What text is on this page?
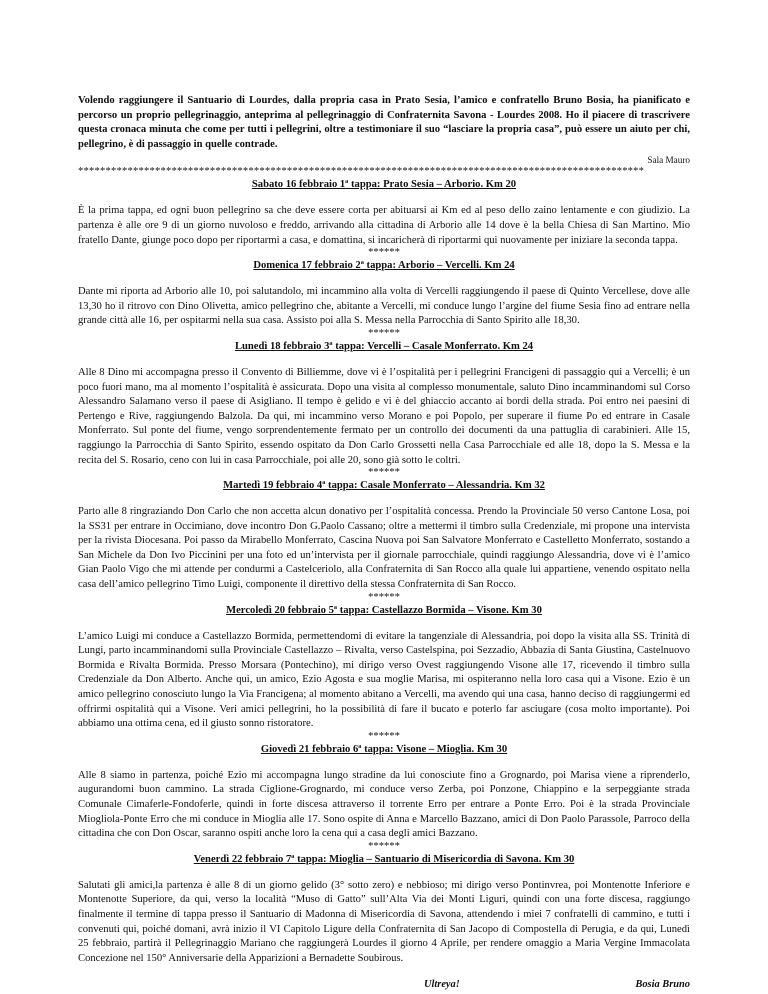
Volendo raggiungere il Santuario di Lourdes, dalla propria casa in Prato Sesia, l’amico e confratello Bruno Bosia, ha pianificato e percorso un proprio pellegrinaggio, anteprima al pellegrinaggio di Confraternita Savona - Lourdes 2008. Ho il piacere di trascrivere questa cronaca minuta che come per tutti i pellegrini, oltre a testimoniare il suo “lasciare la propria casa”, può essere un aiuto per chi, pellegrino, è di passaggio in quelle contrade.

Sala Mauro

*******************************************************************************************************

Sabato 16 febbraio 1ª tappa: Prato Sesia – Arborio. Km 20

È la prima tappa, ed ogni buon pellegrino sa che deve essere corta per abituarsi ai Km ed al peso dello zaino lentamente e con giudizio. La partenza è alle ore 9 di un giorno nuvoloso e freddo, arrivando alla cittadina di Arborio alle 14 dove è la bella Chiesa di San Martino. Mio fratello Dante, giunge poco dopo per riportarmi a casa, e domattina, si incaricherà di riportarmi qui nuovamente per iniziare la seconda tappa.

******

Domenica 17 febbraio 2ª tappa: Arborio – Vercelli. Km 24

Dante mi riporta ad Arborio alle 10, poi salutandolo, mi incammino alla volta di Vercelli raggiungendo il paese di Quinto Vercellese, dove alle 13,30 ho il ritrovo con Dino Olivetta, amico pellegrino che, abitante a Vercelli, mi conduce lungo l’argine del fiume Sesia fino ad entrare nella grande città alle 16, per ospitarmi nella sua casa. Assisto poi alla S. Messa nella Parrocchia di Santo Spirito alle 18,30.

******

Lunedì 18 febbraio 3ª tappa: Vercelli – Casale Monferrato. Km 24

Alle 8 Dino mi accompagna presso il Convento di Billiemme, dove vi è l’ospitalità per i pellegrini Francigeni di passaggio qui a Vercelli; è un poco fuori mano, ma al momento l’ospitalità è assicurata. Dopo una visita al complesso monumentale, saluto Dino incamminandomi sul Corso Alessandro Salamano verso il paese di Asigliano. Il tempo è gelido e vi è del ghiaccio accanto ai bordi della strada. Poi entro nei paesini di Pertengo e Rive, raggiungendo Balzola. Da qui, mi incammino verso Morano e poi Popolo, per superare il fiume Po ed entrare in Casale Monferrato. Sul ponte del fiume, vengo sorprendentemente fermato per un controllo dei documenti da una pattuglia di carabinieri. Alle 15, raggiungo la Parrocchia di Santo Spirito, essendo ospitato da Don Carlo Grossetti nella Casa Parrocchiale ed alle 18, dopo la S. Messa e la recita del S. Rosario, ceno con lui in casa Parrocchiale, poi alle 20, sono già sotto le coltri.

******

Martedì 19 febbraio 4ª tappa: Casale Monferrato – Alessandria. Km 32

Parto alle 8 ringraziando Don Carlo che non accetta alcun donativo per l’ospitalità concessa. Prendo la Provinciale 50 verso Cantone Losa, poi la SS31 per entrare in Occimiano, dove incontro Don G.Paolo Cassano; oltre a mettermi il timbro sulla Credenziale, mi propone una intervista per la rivista Diocesana. Poi passo da Mirabello Monferrato, Cascina Nuova poi San Salvatore Monferrato e Castelletto Monferrato, sostando a San Michele da Don Ivo Piccinini per una foto ed un’intervista per il giornale parrocchiale, quindi raggiungo Alessandria, dove vi è l’amico Gian Paolo Vigo che mi attende per condurmi a Castelceriolo, alla Confraternita di San Rocco alla quale lui appartiene, venendo ospitato nella casa dell’amico pellegrino Timo Luigi, componente il direttivo della stessa Confraternita di San Rocco.

******

Mercoledì 20 febbraio 5ª tappa: Castellazzo Bormida – Visone. Km 30

L’amico Luigi mi conduce a Castellazzo Bormida, permettendomi di evitare la tangenziale di Alessandria, poi dopo la visita alla SS. Trinità di Lungi, parto incamminandomi sulla Provinciale Castellazzo – Rivalta, verso Castelspina, poi Sezzadio, Abbazia di Santa Giustina, Castelnuovo Bormida e Rivalta Bormida. Presso Morsara (Pontechino), mi dirigo verso Ovest raggiungendo Visone alle 17, ricevendo il timbro sulla Credenziale da Don Alberto. Anche qui, un amico, Ezio Agosta e sua moglie Marisa, mi ospiteranno nella loro casa qui a Visone. Ezio è un amico pellegrino conosciuto lungo la Via Francigena; al momento abitano a Vercelli, ma avendo qui una casa, hanno deciso di raggiungermi ed offrirmi ospitalità qui a Visone. Veri amici pellegrini, ho la possibilità di fare il bucato e poterlo far asciugare (cosa molto importante). Poi abbiamo una ottima cena, ed il giusto sonno ristoratore.

******

Giovedì 21 febbraio 6ª tappa: Visone – Mioglia. Km 30

Alle 8 siamo in partenza, poiché Ezio mi accompagna lungo stradine da lui conosciute fino a Grognardo, poi Marisa viene a riprenderlo, augurandomi buon cammino. La strada Ciglione-Grognardo, mi conduce verso Zerba, poi Ponzone, Chiappino e la serpeggiante strada Comunale Cimaferle-Fondoferle, quindi in forte discesa attraverso il torrente Erro per entrare a Ponte Erro. Poi è la strada Provinciale Miogliola-Ponte Erro che mi conduce in Mioglia alle 17. Sono ospite di Anna e Marcello Bazzano, amici di Don Paolo Parassole, Parroco della cittadina che con Don Oscar, saranno ospiti anche loro la cena qui a casa degli amici Bazzano.

******

Venerdì 22 febbraio 7ª tappa: Mioglia – Santuario di Misericordia di Savona. Km 30

Salutati gli amici,la partenza è alle 8 di un giorno gelido (3° sotto zero) e nebbioso; mi dirigo verso Pontinvrea, poi Montenotte Inferiore e Montenotte Superiore, da qui, verso la località “Muso di Gatto” sull’Alta Via dei Monti Liguri, quindi con una forte discesa, raggiungo finalmente il termine di tappa presso il Santuario di Madonna di Misericordia di Savona, attendendo i miei 7 confratelli di cammino, e tutti i convenuti qui, poiché domani, avrà inizio il VI Capitolo Ligure della Confraternita di San Jacopo di Compostella di Perugia, e da qui, Lunedì 25 febbraio, partirà il Pellegrinaggio Mariano che raggiungerà Lourdes il giorno 4 Aprile, per rendere omaggio a Maria Vergine Immacolata Concezione nel 150° Anniversarie della Apparizioni a Bernadette Soubirous.

Ultreya!	Bosia Bruno
